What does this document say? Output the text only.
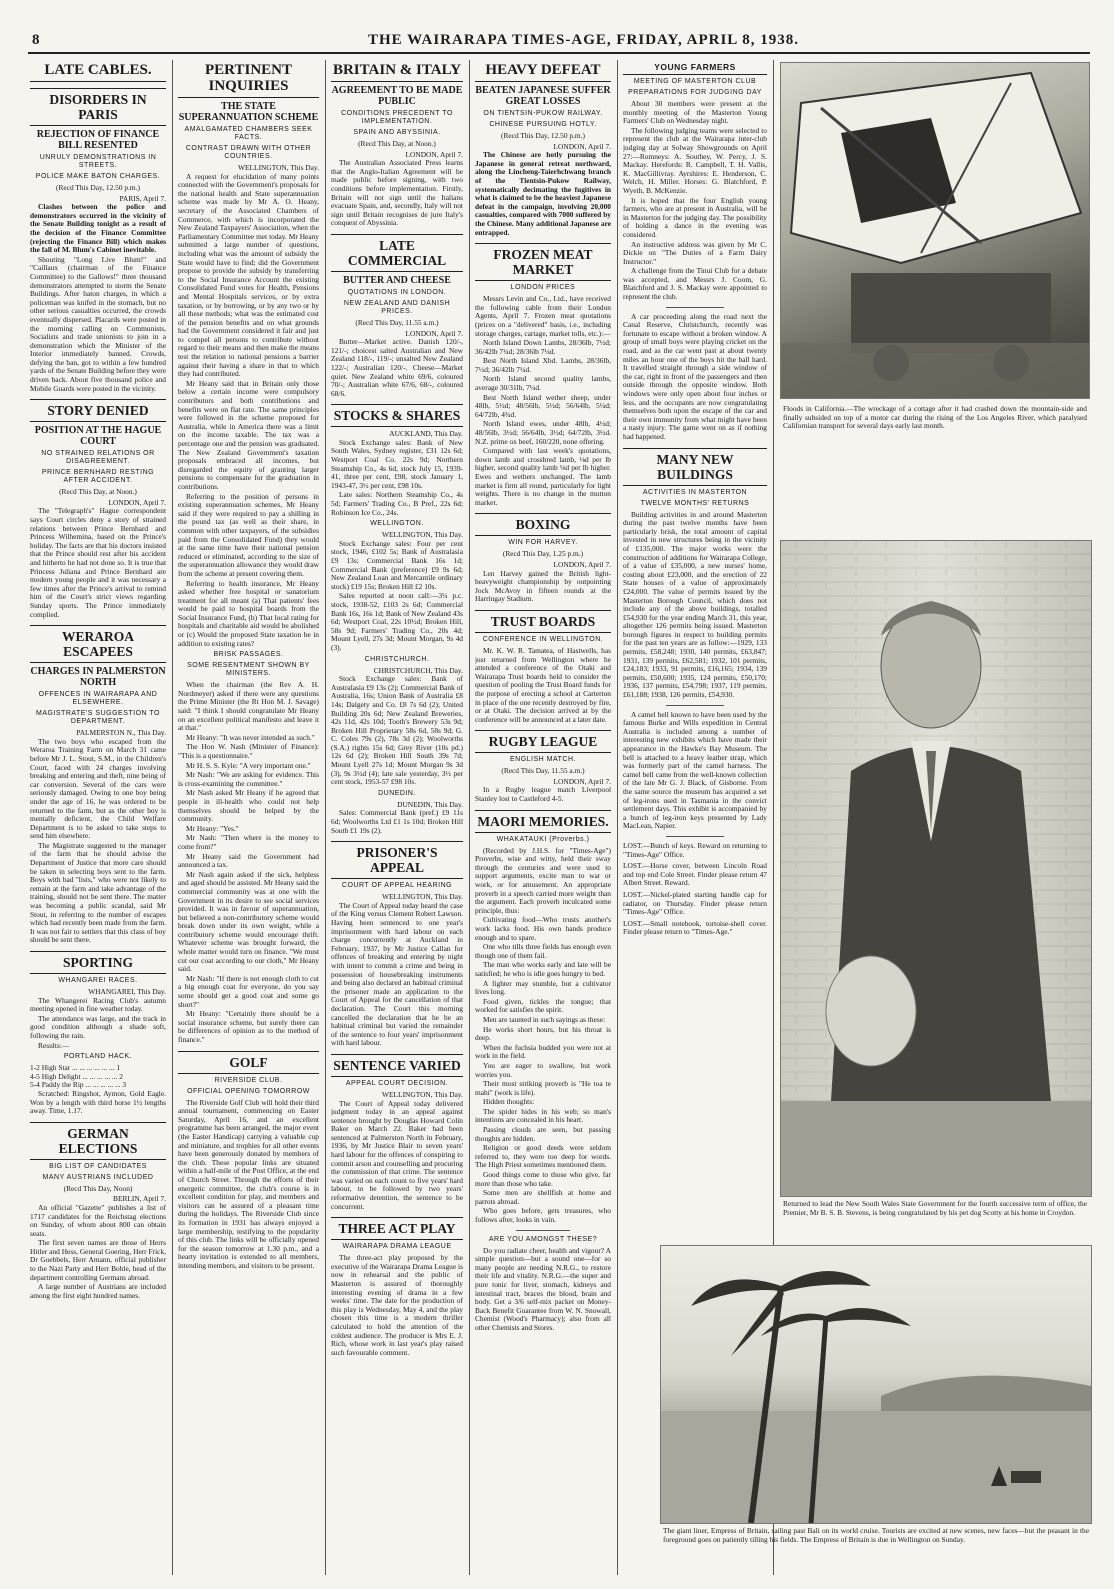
8	THE WAIRARAPA TIMES-AGE, FRIDAY, APRIL 8, 1938.
LATE CABLES.
DISORDERS IN PARIS
REJECTION OF FINANCE BILL RESENTED
UNRULY DEMONSTRATIONS IN STREETS.
POLICE MAKE BATON CHARGES.
(Recd This Day, 12.50 p.m.)
PARIS, April 7.

Clashes between the police and demonstrators occurred in the vicinity of the Senate Building tonight as a result of the decision of the Finance Committee (rejecting the Finance Bill) which makes the fall of M. Blum's Cabinet inevitable.

Shouting "Long Live Blum!" and "Caillaux (chairman of the Finance Committee) to the Gallows!" three thousand demonstrators attempted to storm the Senate Buildings. After baton charges, in which a policeman was knifed in the stomach, but no other serious casualties occurred, the crowds eventually dispersed. Placards were posted in the morning calling on Communists, Socialists and trade unionists to join in a demonstration which the Minister of the Interior immediately banned. Crowds, defying the ban, got to within a few hundred yards of the Senate Building before they were driven back. About five thousand police and Mobile Guards were posted in the vicinity.

STORY DENIED
POSITION AT THE HAGUE COURT
NO STRAINED RELATIONS OR DISAGREEMENT.
PRINCE BERNHARD RESTING AFTER ACCIDENT.
(Recd This Day, at Noon.)
LONDON, April 7.

The "Telegraph's" Hague correspondent says Court circles deny a story of strained relations between Prince Bernhard and Princess Wilhemina, based on the Prince's holiday. The facts are that his doctors insisted that the Prince should rest after his accident and hitherto he had not done so. It is true that Princess Juliana and Prince Bernhard are modern young people and it was necessary a few times after the Prince's arrival to remind him of the Court's strict views regarding Sunday sports. The Prince immediately complied.

WERAROA ESCAPEES
CHARGES IN PALMERSTON NORTH
OFFENCES IN WAIRARAPA AND ELSEWHERE.
MAGISTRATE'S SUGGESTION TO DEPARTMENT.
PALMERSTON N., This Day.

The two boys who escaped from the Weraroa Training Farm on March 31 came before Mr J. L. Stout, S.M., in the Children's Court, faced with 24 charges involving breaking and entering and theft, nine being of car conversion. Several of the cars were seriously damaged. Owing to one boy being under the age of 16, he was ordered to be returned to the farm, but as the other boy is mentally deficient, the Child Welfare Department is to be asked to take steps to send him elsewhere.

The Magistrate suggested to the manager of the farm that he should advise the Department of Justice that more care should be taken in selecting boys sent to the farm. Boys with bad "lists," who were not likely to remain at the farm and take advantage of the training, should not be sent there. The matter was becoming a public scandal, said Mr Stout, in referring to the number of escapes which had recently been made from the farm. It was not fair to settlers that this class of boy should be sent there.

SPORTING
WHANGAREI RACES.
WHANGAREI, This Day.

The Whangerei Racing Club's autumn meeting opened in fine weather today.

The attendance was large, and the track in good condition although a shade soft, following the rain.

Results:—

PORTLAND HACK.
1-2 High Star ... ... ... ... ... ... 1
4-5 High Delight ... ... ... ... ... 2
5-4 Paddy the Rip ... ... ... ... ... 3

Scratched: Ringshot, Aymon, Gold Eagle. Won by a length with third horse 1½ lengths away. Time, 1.17.

GERMAN ELECTIONS
BIG LIST OF CANDIDATES
MANY AUSTRIANS INCLUDED
(Recd This Day, Noon)
BERLIN, April 7.

An official "Gazette" publishes a list of 1717 candidates for the Reichstag elections on Sunday, of whom about 800 can obtain seats.

The first seven names are those of Herrs Hitler and Hess, General Goering, Herr Frick, Dr Goebbels, Herr Amann, official publisher to the Nazi Party and Herr Bohle, head of the department controlling Germans abroad.

A large number of Austrians are included among the first eight hundred names.

PERTINENT INQUIRIES
THE STATE SUPERANNUATION SCHEME
AMALGAMATED CHAMBERS SEEK FACTS.
CONTRAST DRAWN WITH OTHER COUNTRIES.
WELLINGTON, This Day.

A request for elucidation of many points connected with the Government's proposals for the national health and State superannuation scheme was made by Mr A. O. Heany, secretary of the Associated Chambers of Commerce, with which is incorporated the New Zealand Taxpayers' Association, when the Parliamentary Committee met today. Mr Heany submitted a large number of questions, including what was the amount of subsidy the State would have to find; did the Government propose to provide the subsidy by transferring to the Social Insurance Account the existing Consolidated Fund votes for Health, Pensions and Mental Hospitals services, or by extra taxation, or by borrowing, or by any two or by all these methods; what was the estimated cost of the pension benefits and on what grounds had the Government considered it fair and just to compel all persons to contribute without regard to their means and then make the means test the relation to national pensions a barrier against their having a share in that to which they had contributed.

Mr Heany said that in Britain only those below a certain income were compulsory contributors and both contributions and benefits were on flat rate. The same principles were followed in the scheme proposed for Australia, while in America there was a limit on the income taxable. The tax was a percentage one and the pension was graduated. The New Zealand Government's taxation proposals embraced all incomes, but disregarded the equity of granting larger pensions to compensate for the graduation in contributions.

Referring to the position of persons in existing superannuation schemes, Mr Heany said if they were required to pay a shilling in the pound tax (as well as their share, in common with other taxpayers, of the subsidies paid from the Consolidated Fund) they would at the same time have their national pension reduced or eliminated, according to the size of the superannuation allowance they would draw from the scheme at present covering them.

Referring to health insurance, Mr Heany asked whether free hospital or sanatorium treatment for all meant (a) That patients' fees would be paid to hospital boards from the Social Insurance Fund, (b) That local rating for hospitals and charitable aid would be abolished or (c) Would the proposed State taxation be in addition to existing rates?

BRISK PASSAGES.
SOME RESENTMENT SHOWN BY MINISTERS.

When the chairman (the Rev A. H. Nordmeyer) asked if there were any questions the Prime Minister (the Rt Hon M. J. Savage) said: "I think I should congratulate Mr Heany on an excellent political manifesto and leave it at that."

Mr Heany: "It was never intended as such."

The Hon W. Nash (Minister of Finance): "This is a questionnaire."

Mr H. S. S. Kyle: "A very important one."

Mr Nash: "We are asking for evidence. This is cross-examining the committee."

Mr Nash asked Mr Heany if he agreed that people in ill-health who could not help themselves should be helped by the community.

Mr Heany: "Yes."

Mr Nash: "Then where is the money to come from?"

Mr Heany said the Government had announced a tax.

Mr Nash again asked if the sick, helpless and aged should be assisted. Mr Heany said the commercial community was at one with the Government in its desire to see social services provided. It was in favour of superannuation, but believed a non-contributory scheme would break down under its own weight, while a contributory scheme would encourage thrift. Whatever scheme was brought forward, the whole matter would turn on finance. "We must cut our coat according to our cloth," Mr Heany said.

Mr Nash: "If there is not enough cloth to cut a big enough coat for everyone, do you say some should get a good coat and some go short?"

Mr Heany: "Certainly there should be a social insurance scheme, but surely there can be differences of opinion as to the method of finance."

GOLF
RIVERSIDE CLUB.
OFFICIAL OPENING TOMORROW

The Riverside Golf Club will hold their third annual tournament, commencing on Easter Saturday, April 16, and an excellent programme has been arranged, the major event (the Easter Handicap) carrying a valuable cup and miniature, and trophies for all other events have been generously donated by members of the club. These popular links are situated within a half-mile of the Post Office, at the end of Church Street. Through the efforts of their energetic committee, the club's course is in excellent condition for play, and members and visitors can be assured of a pleasant time during the holidays. The Riverside Club since its formation in 1931 has always enjoyed a large membership, testifying to the popularity of this club. The links will be officially opened for the season tomorrow at 1.30 p.m., and a hearty invitation is extended to all members, intending members, and visitors to be present.

BRITAIN & ITALY
AGREEMENT TO BE MADE PUBLIC
CONDITIONS PRECEDENT TO IMPLEMENTATION.
SPAIN AND ABYSSINIA.
(Recd This Day, at Noon.)
LONDON, April 7.

The Australian Associated Press learns that the Anglo-Italian Agreement will be made public before signing, with two conditions before implementation. Firstly, Britain will not sign until the Italians evacuate Spain, and, secondly, Italy will not sign until Britain recognises de jure Italy's conquest of Abyssinia.

LATE COMMERCIAL
BUTTER AND CHEESE
QUOTATIONS IN LONDON.
NEW ZEALAND AND DANISH PRICES.
(Recd This Day, 11.55 a.m.)
LONDON, April 7.

Butter—Market active. Danish 120/-, 121/-; choicest salted Australian and New Zealand 118/-, 119/-; unsalted New Zealand 122/-; Australian 120/-. Cheese—Market quiet. New Zealand white 69/6, coloured 70/-; Australian white 67/6, 68/-, coloured 68/6.

STOCKS & SHARES
AUCKLAND, This Day.

Stock Exchange sales: Bank of New South Wales, Sydney register, £31 12s 6d; Westport Coal Co. 22s 9d; Northern Steamship Co., 4s 6d, stock July 15, 1939-41, three per cent, £98, stock January 1, 1943-47, 3½ per cent, £98 10s.

Late sales: Northern Steamship Co., 4s 5d; Farmers' Trading Co., B Pref., 22s 6d; Robinson Ice Co., 24s.

WELLINGTON.
WELLINGTON, This Day.

Stock Exchange sales: Four per cent stock, 1946, £102 5s; Bank of Australasia £9 13s; Commercial Bank 16s 1d; Commercial Bank (preference) £9 9s 6d; New Zealand Loan and Mercantile ordinary stock) £19 15s; Broken Hill £2 10s.

Sales reported at noon call:—3¼ p.c. stock, 1938-52, £103 2s 6d; Commercial Bank 16s, 16s 1d; Bank of New Zealand 43s 6d; Westport Coal, 22s 10½d; Broken Hill, 58s 9d; Farmers' Trading Co., 20s 4d; Mount Lyell, 27s 3d; Mount Morgan, 9s 4d (3).

CHRISTCHURCH.
CHRISTCHURCH, This Day.

Stock Exchange sales: Bank of Australasia £9 13s (2); Commercial Bank of Australia, 16s; Union Bank of Australia £8 14s; Dalgety and Co. £8 7s 6d (2); United Building 20s 6d; New Zealand Breweries, 42s 11d, 42s 10d; Tooth's Brewery 53s 9d; Broken Hill Proprietary 58s 6d, 58s 9d; G. C. Coles 79s (2), 78s 3d (2); Woolworths (S.A.) rights 15s 6d; Grey River (10s pd.) 12s 6d (2); Broken Hill South 39s 7d; Mount Lyell 27s 1d; Mount Morgan 9s 3d (3), 9s 3½d (4); late sale yesterday, 3½ per cent stock, 1953-57 £98 10s.

DUNEDIN.
DUNEDIN, This Day.

Sales: Commercial Bank (pref.) £9 11s 6d; Woolworths Ltd £1 1s 10d; Broken Hill South £1 19s (2).

PRISONER'S APPEAL
COURT OF APPEAL HEARING
WELLINGTON, This Day.

The Court of Appeal today heard the case of the King versus Clement Robert Lawson. Having been sentenced to one year's imprisonment with hard labour on each charge concurrently at Auckland in February, 1937, by Mr Justice Callan for offences of breaking and entering by night with intent to commit a crime and being in possession of housebreaking instruments and being also declared an habitual criminal the prisoner made an application to the Court of Appeal for the cancellation of that declaration. The Court this morning cancelled the declaration that he be an habitual criminal but varied the remainder of the sentence to four years' imprisonment with hard labour.

SENTENCE VARIED
APPEAL COURT DECISION.
WELLINGTON, This Day.

The Court of Appeal today delivered judgment today in an appeal against sentence brought by Douglas Howard Colin Baker on March 22. Baker had been sentenced at Palmerston North in February, 1936, by Mr Justice Blair to seven years' hard labour for the offences of conspiring to commit arson and counselling and procuring the commission of that crime. The sentence was varied on each count to five years' hard labour, to be followed by two years' reformative detention, the sentence to be concurrent.

THREE ACT PLAY
WAIRARAPA DRAMA LEAGUE

The three-act play proposed by the executive of the Wairarapa Drama League is now in rehearsal and the public of Masterton is assured of thoroughly interesting evening of drama in a few weeks' time. The date for the production of this play is Wednesday, May 4, and the play chosen this time is a modern thriller calculated to hold the attention of the coldest audience. The producer is Mrs E. J. Rich, whose work in last year's play raised such favourable comment.

HEAVY DEFEAT
BEATEN JAPANESE SUFFER GREAT LOSSES
ON TIENTSIN-PUKOW RAILWAY.
CHINESE PURSUING HOTLY.
(Recd This Day, 12.50 p.m.)
LONDON, April 7.

The Chinese are hotly pursuing the Japanese in general retreat northward, along the Lincheng-Taierhchwang branch of the Tientsin-Pukow Railway, systematically decimating the fugitives in what is claimed to be the heaviest Japanese defeat in the campaign, involving 20,000 casualties, compared with 7000 suffered by the Chinese. Many additional Japanese are entrapped.

FROZEN MEAT MARKET
LONDON PRICES

Messrs Levin and Co., Ltd., have received the following cable from their London Agents, April 7. Frozen meat quotations (prices on a "delivered" basis, i.e., including storage charges, cartage, market tolls, etc.):—

North Island Down Lambs, 28/36lb, 7½d; 36/42lb 7¼d; 28/36lb 7¼d.

Best North Island Xbd. Lambs, 28/36lb, 7½d; 36/42lb 7¼d.

North Island second quality lambs, average 30/31lb, 7¼d.

Best North Island wether sheep, under 48lb, 5½d; 48/56lb, 5½d; 56/64lb, 5¼d; 64/72lb, 4¾d.

North Island ewes, under 48lb, 4½d; 48/56lb, 3½d; 56/64lb, 3½d; 64/72lb, 3½d. N.Z. prime ox beef, 160/220, none offering.

Compared with last week's quotations, down lamb and crossbred lamb, ⅛d per lb higher, second quality lamb ⅛d per lb higher. Ewes and wethers unchanged. The lamb market is firm all round, particularly for light weights. There is no change in the mutton market.

BOXING
WIN FOR HARVEY.
(Recd This Day, 1.25 p.m.)
LONDON, April 7.

Len Harvey gained the British light-heavyweight championship by outpointing Jock McAvoy in fifteen rounds at the Harringay Stadium.

TRUST BOARDS
CONFERENCE IN WELLINGTON.

Mr. K. W. R. Tamatea, of Hastwells, has just returned from Wellington where he attended a conference of the Otaki and Wairarapa Trust boards held to consider the question of pooling the Trust Board funds for the purpose of erecting a school at Carterton in place of the one recently destroyed by fire, or at Otaki. The decision arrived at by the conference will be announced at a later date.

RUGBY LEAGUE
ENGLISH MATCH.
(Recd This Day, 11.55 a.m.)
LONDON, April 7.

In a Rugby league match Liverpool Stanley lost to Castleford 4-5.

MAORI MEMORIES.
WHAKATAUKI (Proverbs.)

(Recorded by J.H.S. for "Times-Age") Proverbs, wise and witty, held their sway through the centuries and were used to support arguments, excite man to war or work, or for amusement. An appropriate proverb in a speech carried more weight than the argument. Each proverb inculcated some principle, thus:

Cultivating food—Who trusts another's work lacks food. His own hands produce enough and to spare.

One who tills three fields has enough even though one of them fail.

The man who works early and late will be satisfied; he who is idle goes hungry to bed.

A fighter may stumble, but a cultivator lives long.

Food given, tickles the tongue; that worked for satisfies the spirit.

Men are taunted in such sayings as these:

He works short hours, but his throat is deep.

When the fuchsia budded you were not at work in the field.

You are eager to swallow, but work worries you.

Their most striking proverb is "He toa te mahi" (work is life).

Hidden thoughts:

The spider hides in his web; so man's intentions are concealed in his heart.

Passing clouds are seen, but passing thoughts are hidden.

Religion or good deeds were seldom referred to, they were too deep for words. The High Priest sometimes mentioned them.

Good things come to those who give, far more than those who take.

Some men are shellfish at home and parrots abroad.

Who goes before, gets treasures, who follows after, looks in vain.

ARE YOU AMONGST THESE?

Do you radiate cheer, health and vigour? A simple question—but a sound one—for so many people are needing N.R.G., to restore their life and vitality. N.R.G.—the super and pure tonic for liver, stomach, kidneys and intestinal tract, braces the blood, brain and body. Get a 3/6 self-mix packet on Money-Back Benefit Guarantee from W. N. Snowall, Chemist (Wood's Pharmacy); also from all other Chemists and Stores.

YOUNG FARMERS
MEETING OF MASTERTON CLUB
PREPARATIONS FOR JUDGING DAY

About 30 members were present at the monthly meeting of the Masterton Young Farmers' Club on Wednesday night.

The following judging teams were selected to represent the club at the Wairarapa inter-club judging day at Solway Showgrounds on April 27:—Romneys: A. Southey, W. Percy, J. S. Mackay. Herefords: R. Campbell, T. H. Vallis, K. MacGillivray. Ayrshires: E. Henderson, C. Welch, H. Miller. Horses: G. Blatchford, P. Wyeth, B. McKenzie.

It is hoped that the four English young farmers, who are at present in Australia, will be in Masterton for the judging day. The possibility of holding a dance in the evening was considered.

An instructive address was given by Mr C. Dickie on "The Duties of a Farm Dairy Instructor."

A challenge from the Tinui Club for a debate was accepted, and Messrs J. Coom, G. Blatchford and J. S. Mackay were appointed to represent the club.

A car proceeding along the road next the Canal Reserve, Christchurch, recently was fortunate to escape without a broken window. A group of small boys were playing cricket on the road, and as the car went past at about twenty miles an hour one of the boys hit the ball hard. It travelled straight through a side window of the car, right in front of the passengers and then outside through the opposite window. Both windows were only open about four inches or less, and the occupants are now congratulating themselves both upon the escape of the car and their own immunity from what might have been a nasty injury. The game went on as if nothing had happened.

MANY NEW BUILDINGS
ACTIVITIES IN MASTERTON
TWELVE MONTHS' RETURNS

Building activities in and around Masterton during the past twelve months have been particularly brisk, the total amount of capital invested in new structures being in the vicinity of £135,000. The major works were the construction of additions for Wairarapa College, of a value of £35,000, a new nurses' home, costing about £23,000, and the erection of 22 State houses of a value of approximately £24,000. The value of permits issued by the Masterton Borough Council, which does not include any of the above buildings, totalled £54,930 for the year ending March 31, this year, altogether 126 permits being issued. Masterton borough figures in respect to building permits for the past ten years are as follow:—1929, 133 permits, £58,248; 1930, 140 permits, £63,847; 1931, 139 permits, £62,581; 1932, 101 permits, £24,183; 1933, 91 permits, £16,165; 1934, 139 permits, £50,600; 1935, 124 permits, £50,170; 1936, 137 permits, £54,798; 1937, 119 permits, £61,188; 1938, 126 permits, £54,930.

A camel bell known to have been used by the famous Burke and Wills expedition in Central Australia is included among a number of interesting new exhibits which have made their appearance in the Hawke's Bay Museum. The bell is attached to a heavy leather strap, which was formerly part of the camel harness. The camel bell came from the well-known collection of the late Mr G. J. Black, of Gisborne. From the same source the museum has acquired a set of leg-irons used in Tasmania in the convict settlement days. This exhibit is accompanied by a bunch of leg-iron keys presented by Lady MacLean, Napier.

LOST.—Bunch of keys. Reward on returning to "Times-Age" Office.
LOST.—Horse cover, between Lincoln Road and top end Cole Street. Finder please return 47 Albert Street. Reward.
LOST.—Nickel-plated starting handle cap for radiator, on Thursday. Finder please return "Times-Age" Office.
LOST.—Small notebook, tortoise-shell cover. Finder please return to "Times-Age."
Floods in California.—The wreckage of a cottage after it had crashed down the mountain-side and finally subsided on top of a motor car during the rising of the Los Angeles River, which paralysed Californian transport for several days early last month.
Returned to lead the New South Wales State Government for the fourth successive term of office, the Premier, Mr B. S. B. Stevens, is being congratulated by his pet dog Scotty at his home in Croydon.
The giant liner, Empress of Britain, sailing past Bali on its world cruise. Tourists are excited at new scenes, new faces—but the peasant in the foreground goes on patiently tilling his fields. The Empress of Britain is due in Wellington on Sunday.
